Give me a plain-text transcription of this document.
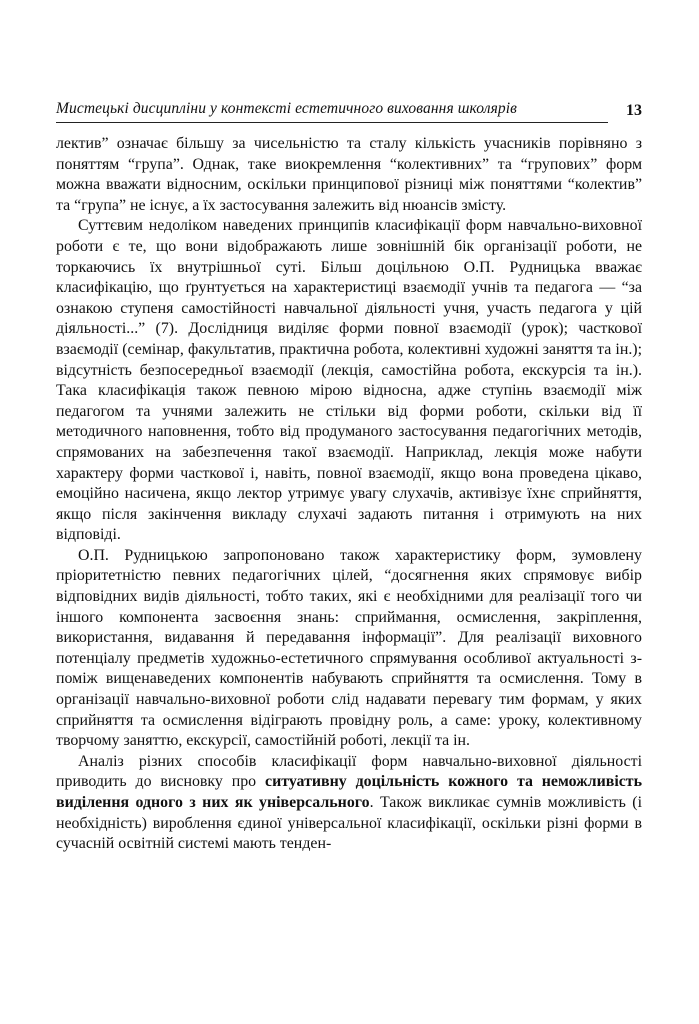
Мистецькі дисципліни у контексті естетичного виховання школярів	13

лектив” означає більшу за чисельністю та сталу кількість учасників порівняно з поняттям “група”. Однак, таке виокремлення “колективних” та “групових” форм можна вважати відносним, оскільки принципової різниці між поняттями “колектив” та “група” не існує, а їх застосування залежить від нюансів змісту.

Суттєвим недоліком наведених принципів класифікації форм навчально-виховної роботи є те, що вони відображають лише зовнішній бік організації роботи, не торкаючись їх внутрішньої суті. Більш доцільною О.П. Рудницька вважає класифікацію, що ґрунтується на характеристиці взаємодії учнів та педагога — “за ознакою ступеня самостійності навчальної діяльності учня, участь педагога у цій діяльності...” (7). Дослідниця виділяє форми повної взаємодії (урок); часткової взаємодії (семінар, факультатив, практична робота, колективні художні заняття та ін.); відсутність безпосередньої взаємодії (лекція, самостійна робота, екскурсія та ін.). Така класифікація також певною мірою відносна, адже ступінь взаємодії між педагогом та учнями залежить не стільки від форми роботи, скільки від її методичного наповнення, тобто від продуманого застосування педагогічних методів, спрямованих на забезпечення такої взаємодії. Наприклад, лекція може набути характеру форми часткової і, навіть, повної взаємодії, якщо вона проведена цікаво, емоційно насичена, якщо лектор утримує увагу слухачів, активізує їхнє сприйняття, якщо після закінчення викладу слухачі задають питання і отримують на них відповіді.

О.П. Рудницькою запропоновано також характеристику форм, зумовлену пріоритетністю певних педагогічних цілей, “досягнення яких спрямовує вибір відповідних видів діяльності, тобто таких, які є необхідними для реалізації того чи іншого компонента засвоєння знань: сприймання, осмислення, закріплення, використання, видавання й передавання інформації”. Для реалізації виховного потенціалу предметів художньо-естетичного спрямування особливої актуальності з-поміж вищенаведених компонентів набувають сприйняття та осмислення. Тому в організації навчально-виховної роботи слід надавати перевагу тим формам, у яких сприйняття та осмислення відіграють провідну роль, а саме: уроку, колективному творчому заняттю, екскурсії, самостійній роботі, лекції та ін.

Аналіз різних способів класифікації форм навчально-виховної діяльності приводить до висновку про ситуативну доцільність кожного та неможливість виділення одного з них як універсального. Також викликає сумнів можливість (і необхідність) вироблення єдиної універсальної класифікації, оскільки різні форми в сучасній освітній системі мають тенден-
